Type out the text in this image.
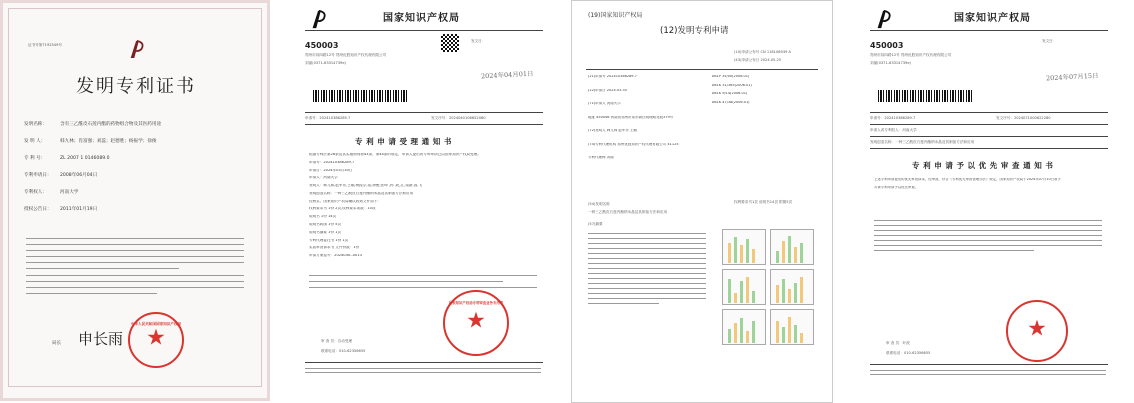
证书号第7192549号
发明专利证书
发明名称：	含有三乙酰皮石莲内酯的药物组合物及其医药用途
发 明 人：	韩九林；肖富强；刘蕊；赵德胜；杨振学；徐俊
专 利 号：	ZL 2007 1 0146089.0
专利申请日： 2008年06月04日
专利权人：	河南大学
授权公告日： 2011年01月19日
中华人民共和国国家知识产权局
★
局长 申长雨
国家知识产权局
450003
郑州市纬四路12号 郑州优胜知识产权代理有限公司
刘丽(0371-63314739e)
发文日：
2024年04月01日
申请号：202410386289.7	发文序号：2024040106652060
专 利 申 请 受 理 通 知 书
根据专利法第28条及其实施细则第43条、第44条的规定，申请人提出的专利申请已由国家知识产权局受理。
申请号：202410386289.7
申请日：2024年03月30日
申请人：河南大学
发明人：韩九林,赵军东,王顺,杨振学,梁,徐俊,张坤 ,孙 ,乾,江,梁新,国,飞
发明创造名称：一种三乙酰皮石莲内酯纳米晶及其制备方法和应用
经核实，国家知识产权局确认收到文件如下：
权利要求书 1份 2页,权利要求项数：10项
说明书 1份 14页
说明书附图 1份 5页
说明书摘要 1份 1页
专利代理委托书 1份 1页
实质审查请求书 文件份数：1份
申请方案卷号：2024040--0013
国家知识产权局专利审查业务专用章
★
审 查 员：自动受理
联系电话：010-62356655
(19)国家知识产权局
(12)发明专利申请
(10)申请公布号 CN 118108939 A
(43)申请公布日 2024.05.25
(21)申请号 202410386289.7
(22)申请日 2024.03.30
(71)申请人 河南大学
地址 450046 河南省郑州市郑东新区明理路北段379号
(72)发明人 韩九林 赵军东 王顺
(74)专利代理机构 郑州优胜知识产权代理有限公司 41125
专利代理师 刘丽
A61P 35/00(2006.01)
A61K 31/365(2006.01)
A61K 9/14(2006.01)
A61K 47/38(2006.01)
(54)发明名称
一种三乙酰皮石莲内酯纳米晶及其制备方法和应用
(57)摘要
权利要求书1页 说明书14页 附图5页
国家知识产权局
450003
郑州市纬四路12号 郑州优胜知识产权代理有限公司
刘丽(0371-63314739e)
发文日：
2024年07月15日
申请号：202410386289.7	发文序号：2024071000622280
申请人或专利权人：河南大学
发明创造名称：一种三乙酰皮石莲内酯纳米晶及其制备方法和应用
专 利 申 请 予 以 优 先 审 查 通 知 书
上述专利申请提出的优先审查请求，经审查，符合《专利优先审查管理办法》规定，国家知识产权局于2024年07月10日准予
对该专利申请予以优先审查。
★
审 查 员：叶波
联系电话：010-62356655
